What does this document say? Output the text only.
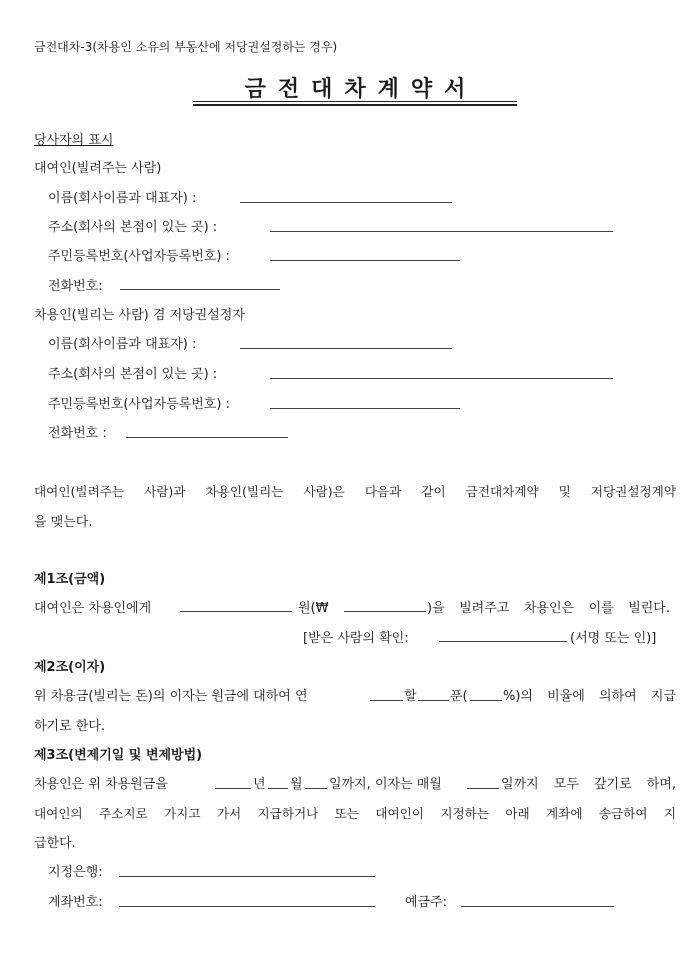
금전대차-3(차용인 소유의 부동산에 저당권설정하는 경우)
금전대차계약서
당사자의 표시
대여인(빌려주는 사람)
이름(회사이름과 대표자) :
주소(회사의 본점이 있는 곳) :
주민등록번호(사업자등록번호) :
전화번호:
차용인(빌리는 사람) 겸 저당권설정자
이름(회사이름과 대표자) :
주소(회사의 본점이 있는 곳) :
주민등록번호(사업자등록번호) :
전화번호 :
대여인(빌려주는 사람)과 차용인(빌리는 사람)은 다음과 같이 금전대차계약 및 저당권설정계약
을 맺는다.
제1조(금액)
대여인은 차용인에게	원(₩	)을 빌려주고 차용인은 이를 빌린다.
[받은 사람의 확인:	(서명 또는 인)]
제2조(이자)
위 차용금(빌리는 돈)의 이자는 원금에 대하여 연	할	푼(	%)의 비율에 의하여 지급
하기로 한다.
제3조(변제기일 및 변제방법)
차용인은 위 차용원금을	년 월 일까지, 이자는 매월	일까지 모두 갚기로 하며,
대여인의 주소지로 가지고 가서 지급하거나 또는 대여인이 지정하는 아래 계좌에 송금하여 지
급한다.
지정은행:
계좌번호:	예금주:
